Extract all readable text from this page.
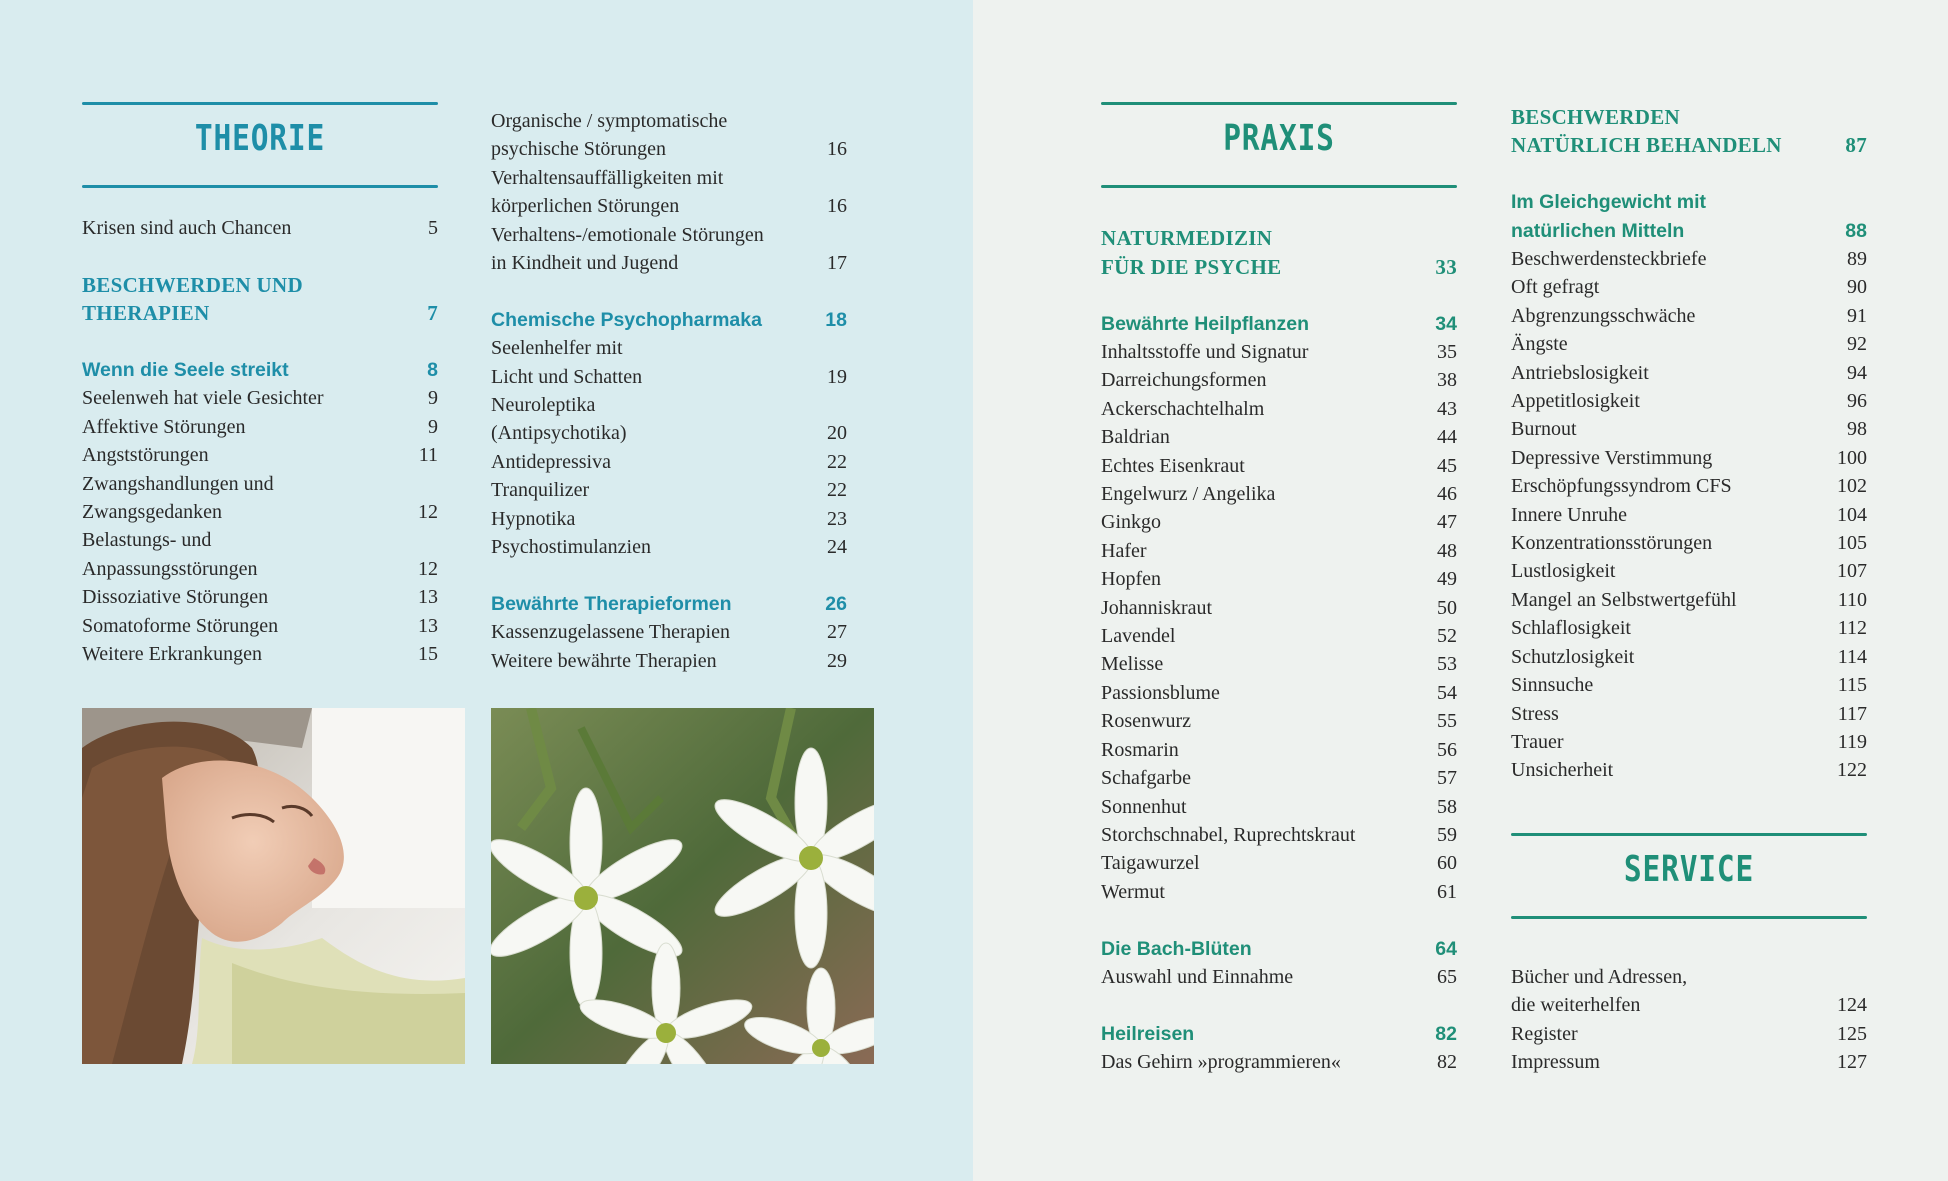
THEORIE
Krisen sind auch Chancen	5
BESCHWERDEN UND
THERAPIEN	7
Wenn die Seele streikt	8
Seelenweh hat viele Gesichter	9
Affektive Störungen	9
Angststörungen	11
Zwangshandlungen und
Zwangsgedanken	12
Belastungs- und
Anpassungsstörungen	12
Dissoziative Störungen	13
Somatoforme Störungen	13
Weitere Erkrankungen	15
Organische / symptomatische
psychische Störungen	16
Verhaltensauffälligkeiten mit
körperlichen Störungen	16
Verhaltens-/emotionale Störungen
in Kindheit und Jugend	17
Chemische Psychopharmaka	18
Seelenhelfer mit
Licht und Schatten	19
Neuroleptika
(Antipsychotika)	20
Antidepressiva	22
Tranquilizer	22
Hypnotika	23
Psychostimulanzien	24
Bewährte Therapieformen	26
Kassenzugelassene Therapien	27
Weitere bewährte Therapien	29
PRAXIS
NATURMEDIZIN
FÜR DIE PSYCHE	33
Bewährte Heilpflanzen	34
Inhaltsstoffe und Signatur	35
Darreichungsformen	38
Ackerschachtelhalm	43
Baldrian	44
Echtes Eisenkraut	45
Engelwurz / Angelika	46
Ginkgo	47
Hafer	48
Hopfen	49
Johanniskraut	50
Lavendel	52
Melisse	53
Passionsblume	54
Rosenwurz	55
Rosmarin	56
Schafgarbe	57
Sonnenhut	58
Storchschnabel, Ruprechtskraut	59
Taigawurzel	60
Wermut	61
Die Bach-Blüten	64
Auswahl und Einnahme	65
Heilreisen	82
Das Gehirn »programmieren«	82
BESCHWERDEN
NATÜRLICH BEHANDELN	87
Im Gleichgewicht mit
natürlichen Mitteln	88
Beschwerdensteckbriefe	89
Oft gefragt	90
Abgrenzungsschwäche	91
Ängste	92
Antriebslosigkeit	94
Appetitlosigkeit	96
Burnout	98
Depressive Verstimmung	100
Erschöpfungssyndrom CFS	102
Innere Unruhe	104
Konzentrationsstörungen	105
Lustlosigkeit	107
Mangel an Selbstwertgefühl	110
Schlaflosigkeit	112
Schutzlosigkeit	114
Sinnsuche	115
Stress	117
Trauer	119
Unsicherheit	122
SERVICE
Bücher und Adressen,
die weiterhelfen	124
Register	125
Impressum	127
